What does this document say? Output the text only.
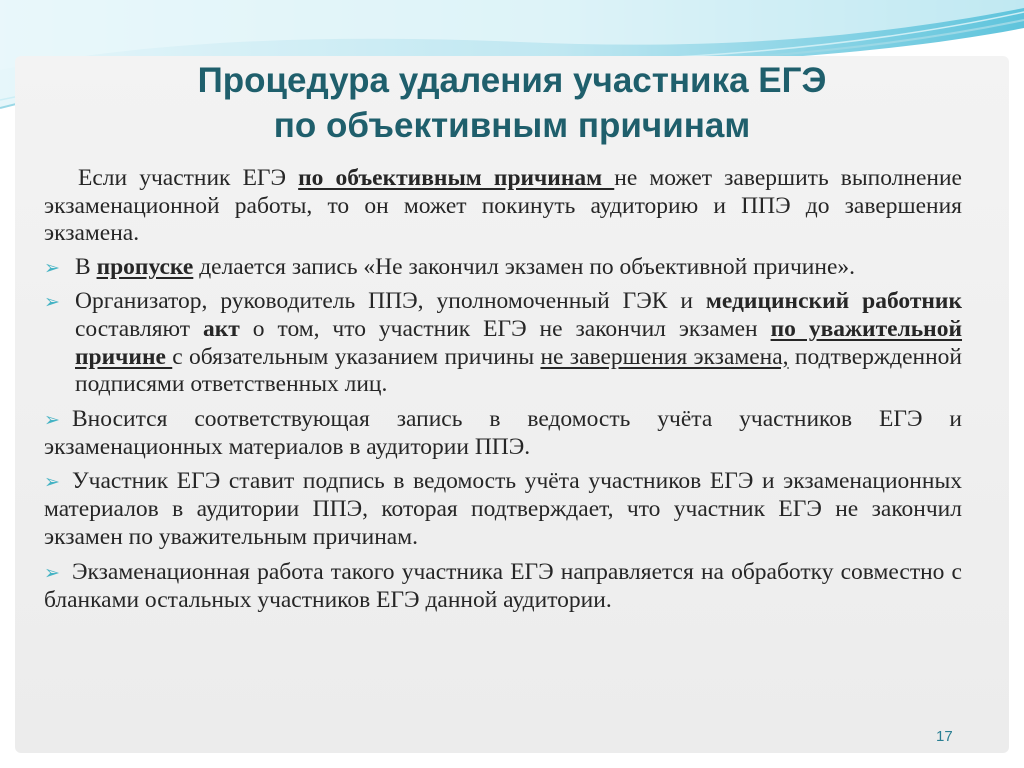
Процедура удаления участника ЕГЭ
по объективным причинам

Если участник ЕГЭ по объективным причинам не может завершить выполнение экзаменационной работы, то он может покинуть аудиторию и ППЭ до завершения экзамена.

➢ В пропуске делается запись «Не закончил экзамен по объективной причине».

➢ Организатор, руководитель ППЭ, уполномоченный ГЭК и медицинский работник составляют акт о том, что участник ЕГЭ не закончил экзамен по уважительной причине с обязательным указанием причины не завершения экзамена, подтвержденной подписями ответственных лиц.

➢ Вносится соответствующая запись в ведомость учёта участников ЕГЭ и экзаменационных материалов в аудитории ППЭ.

➢ Участник ЕГЭ ставит подпись в ведомость учёта участников ЕГЭ и экзаменационных материалов в аудитории ППЭ, которая подтверждает, что участник ЕГЭ не закончил экзамен по уважительным причинам.

➢ Экзаменационная работа такого участника ЕГЭ направляется на обработку совместно с бланками остальных участников ЕГЭ данной аудитории.

17
